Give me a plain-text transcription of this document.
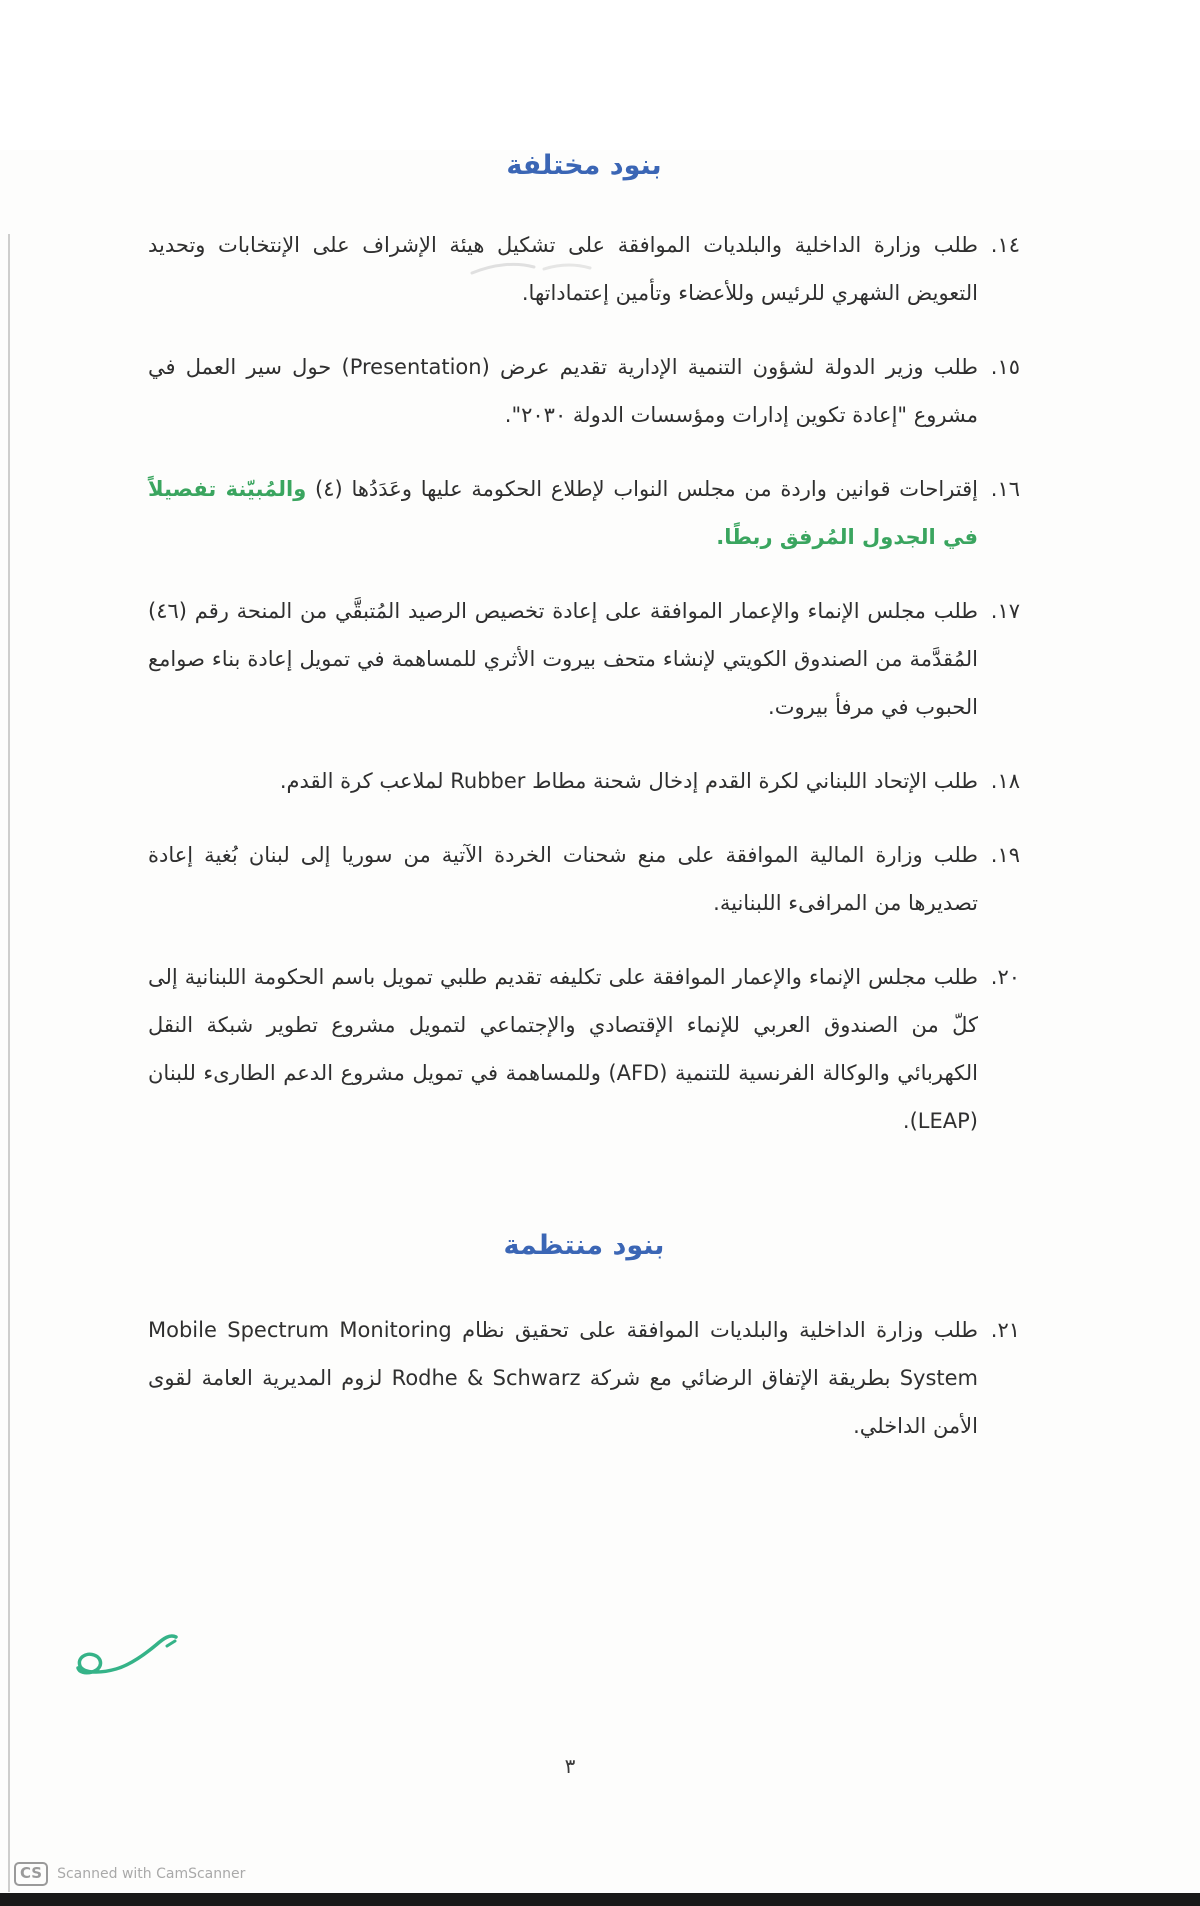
بنود مختلفة
١٤.
طلب وزارة الداخلية والبلديات الموافقة على تشكيل هيئة الإشراف على الإنتخابات وتحديد التعويض الشهري للرئيس وللأعضاء وتأمين إعتماداتها.
١٥.
طلب وزير الدولة لشؤون التنمية الإدارية تقديم عرض (Presentation) حول سير العمل في مشروع "إعادة تكوين إدارات ومؤسسات الدولة ٢٠٣٠".
١٦.
إقتراحات قوانين واردة من مجلس النواب لإطلاع الحكومة عليها وعَدَدُها (٤) والمُبيّنة تفصيلاً في الجدول المُرفق ربطًا.
١٧.
طلب مجلس الإنماء والإعمار الموافقة على إعادة تخصيص الرصيد المُتبقَّي من المنحة رقم (٤٦) المُقدَّمة من الصندوق الكويتي لإنشاء متحف بيروت الأثري للمساهمة في تمويل إعادة بناء صوامع الحبوب في مرفأ بيروت.
١٨.
طلب الإتحاد اللبناني لكرة القدم إدخال شحنة مطاط Rubber لملاعب كرة القدم.
١٩.
طلب وزارة المالية الموافقة على منع شحنات الخردة الآتية من سوريا إلى لبنان بُغية إعادة تصديرها من المرافىء اللبنانية.
٢٠.
طلب مجلس الإنماء والإعمار الموافقة على تكليفه تقديم طلبي تمويل باسم الحكومة اللبنانية إلى كلّ من الصندوق العربي للإنماء الإقتصادي والإجتماعي لتمويل مشروع تطوير شبكة النقل الكهربائي والوكالة الفرنسية للتنمية (AFD) وللمساهمة في تمويل مشروع الدعم الطارىء للبنان (LEAP).
بنود منتظمة
٢١.
طلب وزارة الداخلية والبلديات الموافقة على تحقيق نظام Mobile Spectrum Monitoring System بطريقة الإتفاق الرضائي مع شركة Rodhe & Schwarz لزوم المديرية العامة لقوى الأمن الداخلي.
٣
CS	Scanned with CamScanner
